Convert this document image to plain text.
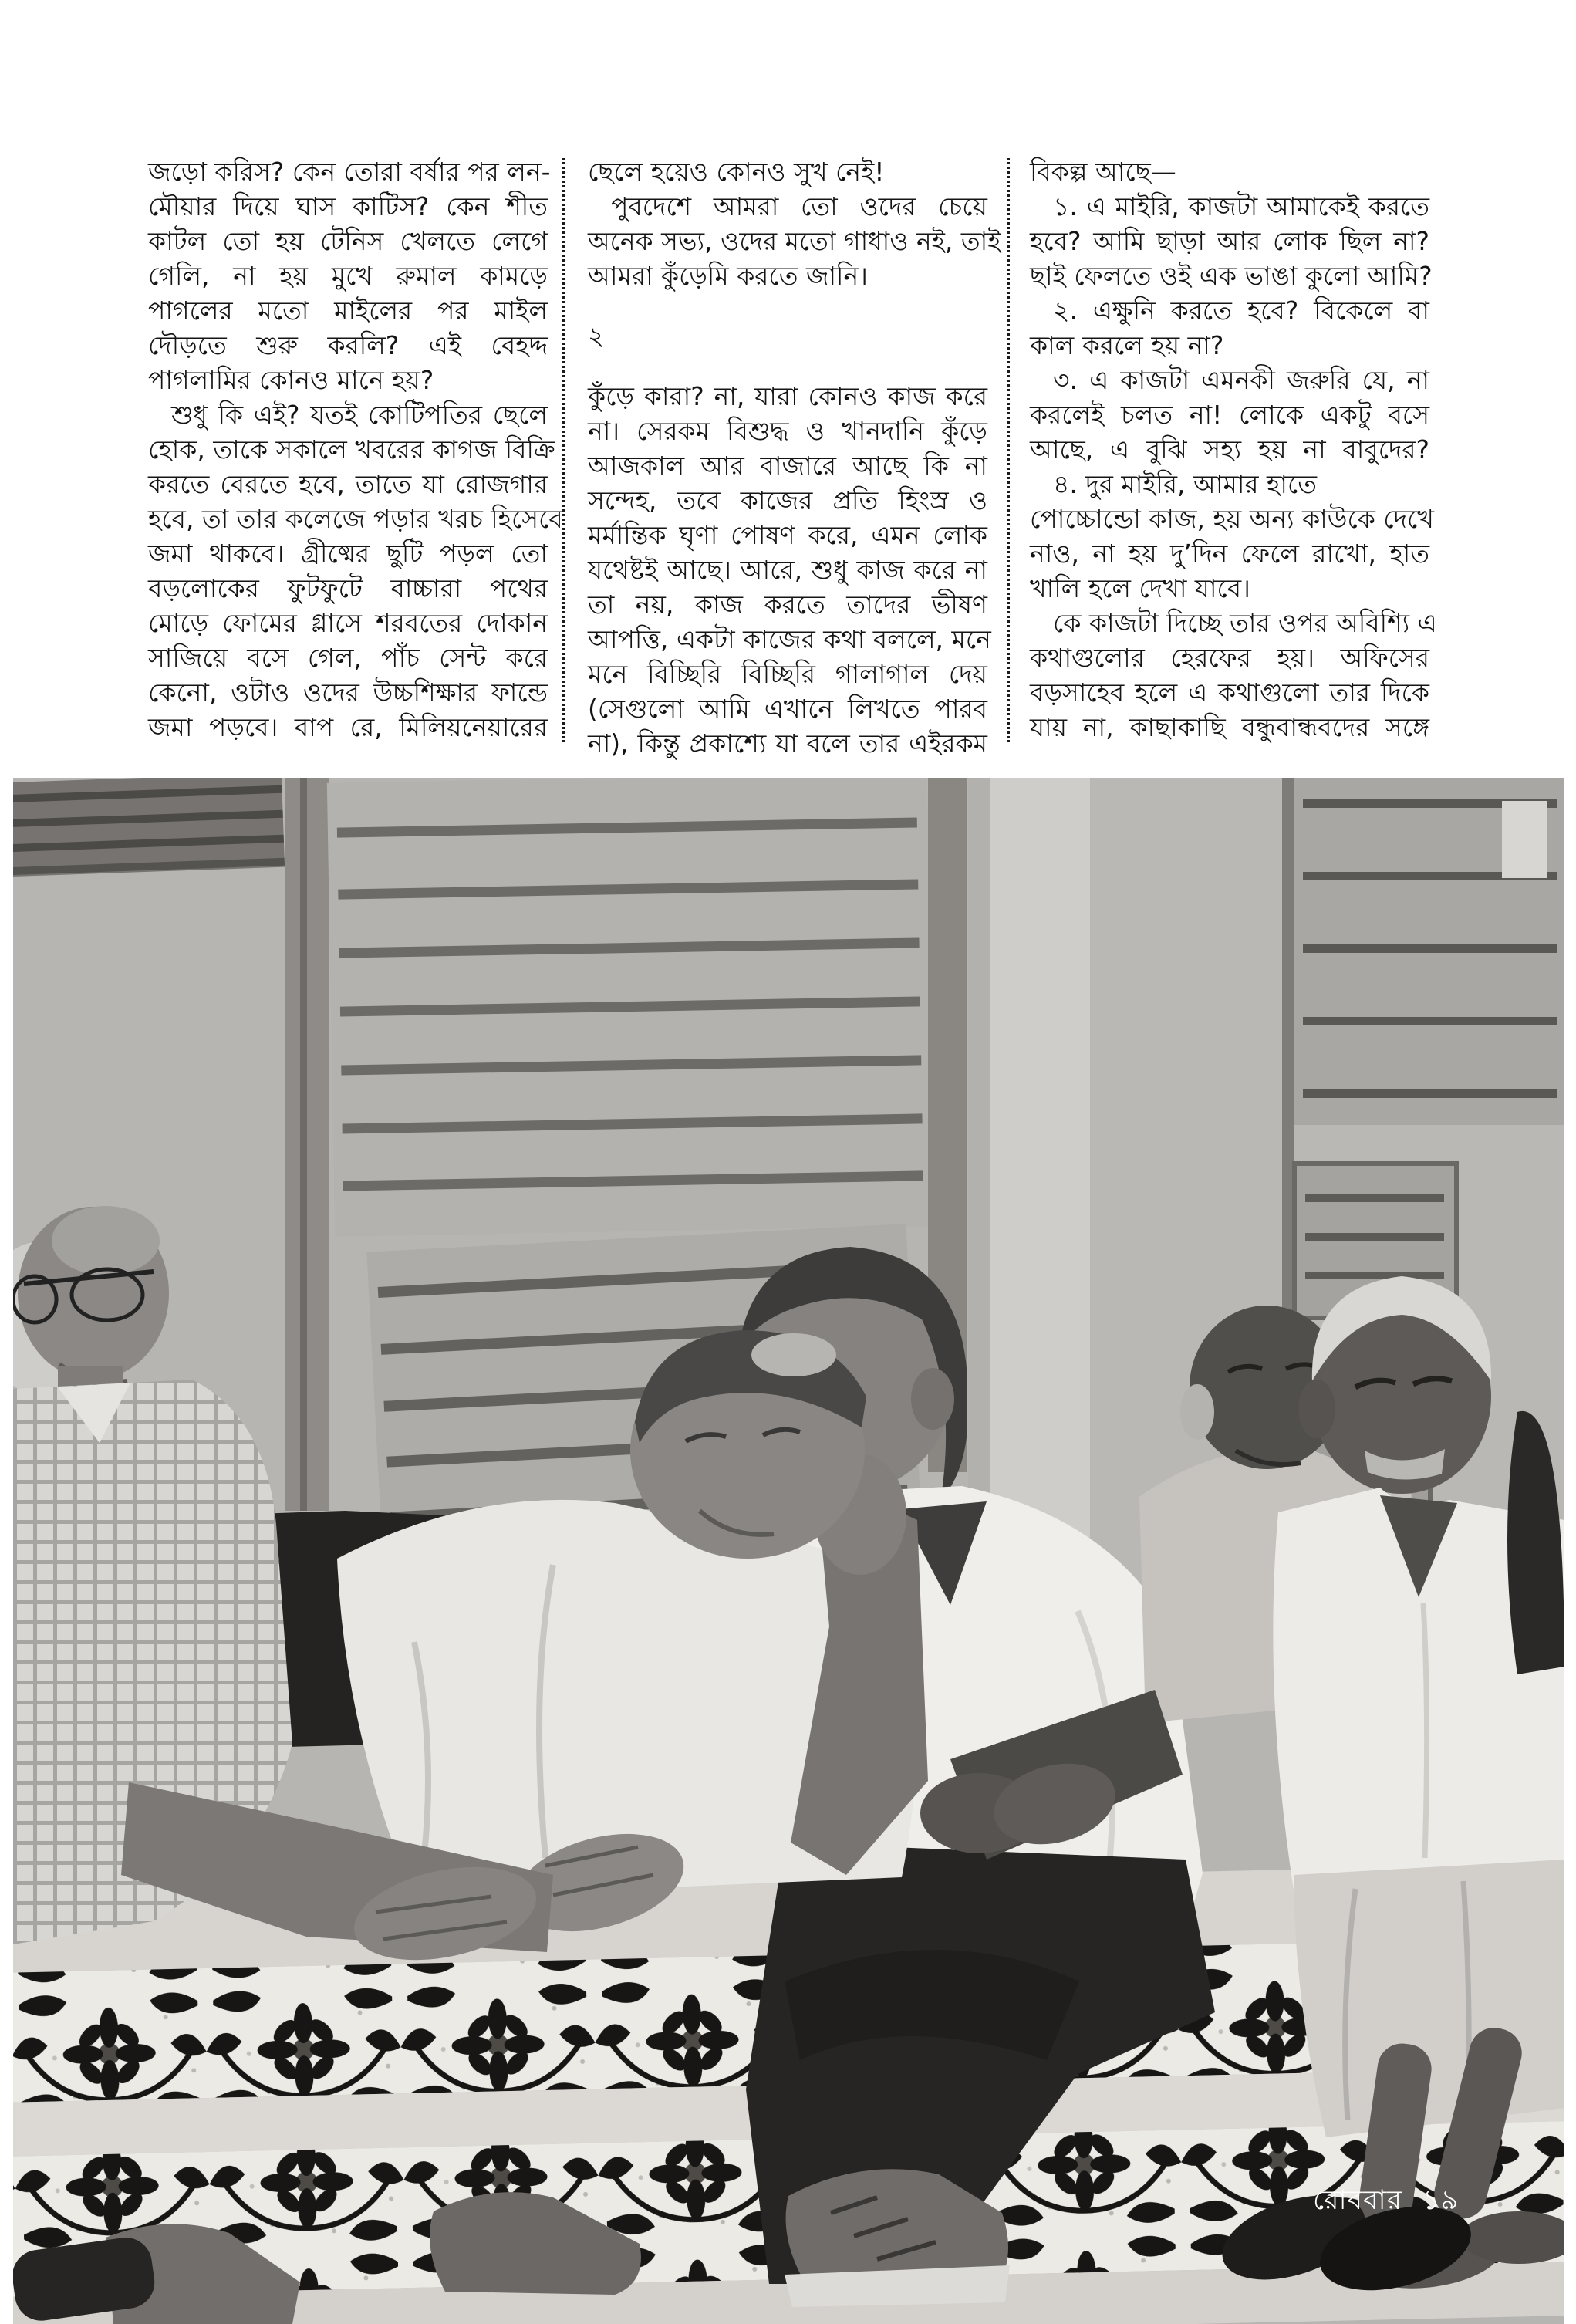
জড়ো করিস? কেন তোরা বর্ষার পর লন-
মৌয়ার দিয়ে ঘাস কাটিস? কেন শীত
কাটল তো হয় টেনিস খেলতে লেগে
গেলি, না হয় মুখে রুমাল কামড়ে
পাগলের মতো মাইলের পর মাইল
দৌড়তে শুরু করলি? এই বেহদ্দ
পাগলামির কোনও মানে হয়?
শুধু কি এই? যতই কোটিপতির ছেলে
হোক, তাকে সকালে খবরের কাগজ বিক্রি
করতে বেরতে হবে, তাতে যা রোজগার
হবে, তা তার কলেজে পড়ার খরচ হিসেবে
জমা থাকবে। গ্রীষ্মের ছুটি পড়ল তো
বড়লোকের ফুটফুটে বাচ্চারা পথের
মোড়ে ফোমের গ্লাসে শরবতের দোকান
সাজিয়ে বসে গেল, পাঁচ সেন্ট করে
কেনো, ওটাও ওদের উচ্চশিক্ষার ফান্ডে
জমা পড়বে। বাপ রে, মিলিয়নেয়ারের
ছেলে হয়েও কোনও সুখ নেই!
পুবদেশে আমরা তো ওদের চেয়ে
অনেক সভ্য, ওদের মতো গাধাও নই, তাই
আমরা কুঁড়েমি করতে জানি।
২
কুঁড়ে কারা? না, যারা কোনও কাজ করে
না। সেরকম বিশুদ্ধ ও খানদানি কুঁড়ে
আজকাল আর বাজারে আছে কি না
সন্দেহ, তবে কাজের প্রতি হিংস্র ও
মর্মান্তিক ঘৃণা পোষণ করে, এমন লোক
যথেষ্টই আছে। আরে, শুধু কাজ করে না
তা নয়, কাজ করতে তাদের ভীষণ
আপত্তি, একটা কাজের কথা বললে, মনে
মনে বিচ্ছিরি বিচ্ছিরি গালাগাল দেয়
(সেগুলো আমি এখানে লিখতে পারব
না), কিন্তু প্রকাশ্যে যা বলে তার এইরকম
বিকল্প আছে—
১. এ মাইরি, কাজটা আমাকেই করতে
হবে? আমি ছাড়া আর লোক ছিল না?
ছাই ফেলতে ওই এক ভাঙা কুলো আমি?
২. এক্ষুনি করতে হবে? বিকেলে বা
কাল করলে হয় না?
৩. এ কাজটা এমনকী জরুরি যে, না
করলেই চলত না! লোকে একটু বসে
আছে, এ বুঝি সহ্য হয় না বাবুদের?
৪. দুর মাইরি, আমার হাতে
পোচ্চোন্ডো কাজ, হয় অন্য কাউকে দেখে
নাও, না হয় দু’দিন ফেলে রাখো, হাত
খালি হলে দেখা যাবে।
কে কাজটা দিচ্ছে তার ওপর অবিশ্যি এ
কথাগুলোর হেরফের হয়। অফিসের
বড়সাহেব হলে এ কথাগুলো তার দিকে
যায় না, কাছাকাছি বন্ধুবান্ধবদের সঙ্গে
রোববার ১৯
